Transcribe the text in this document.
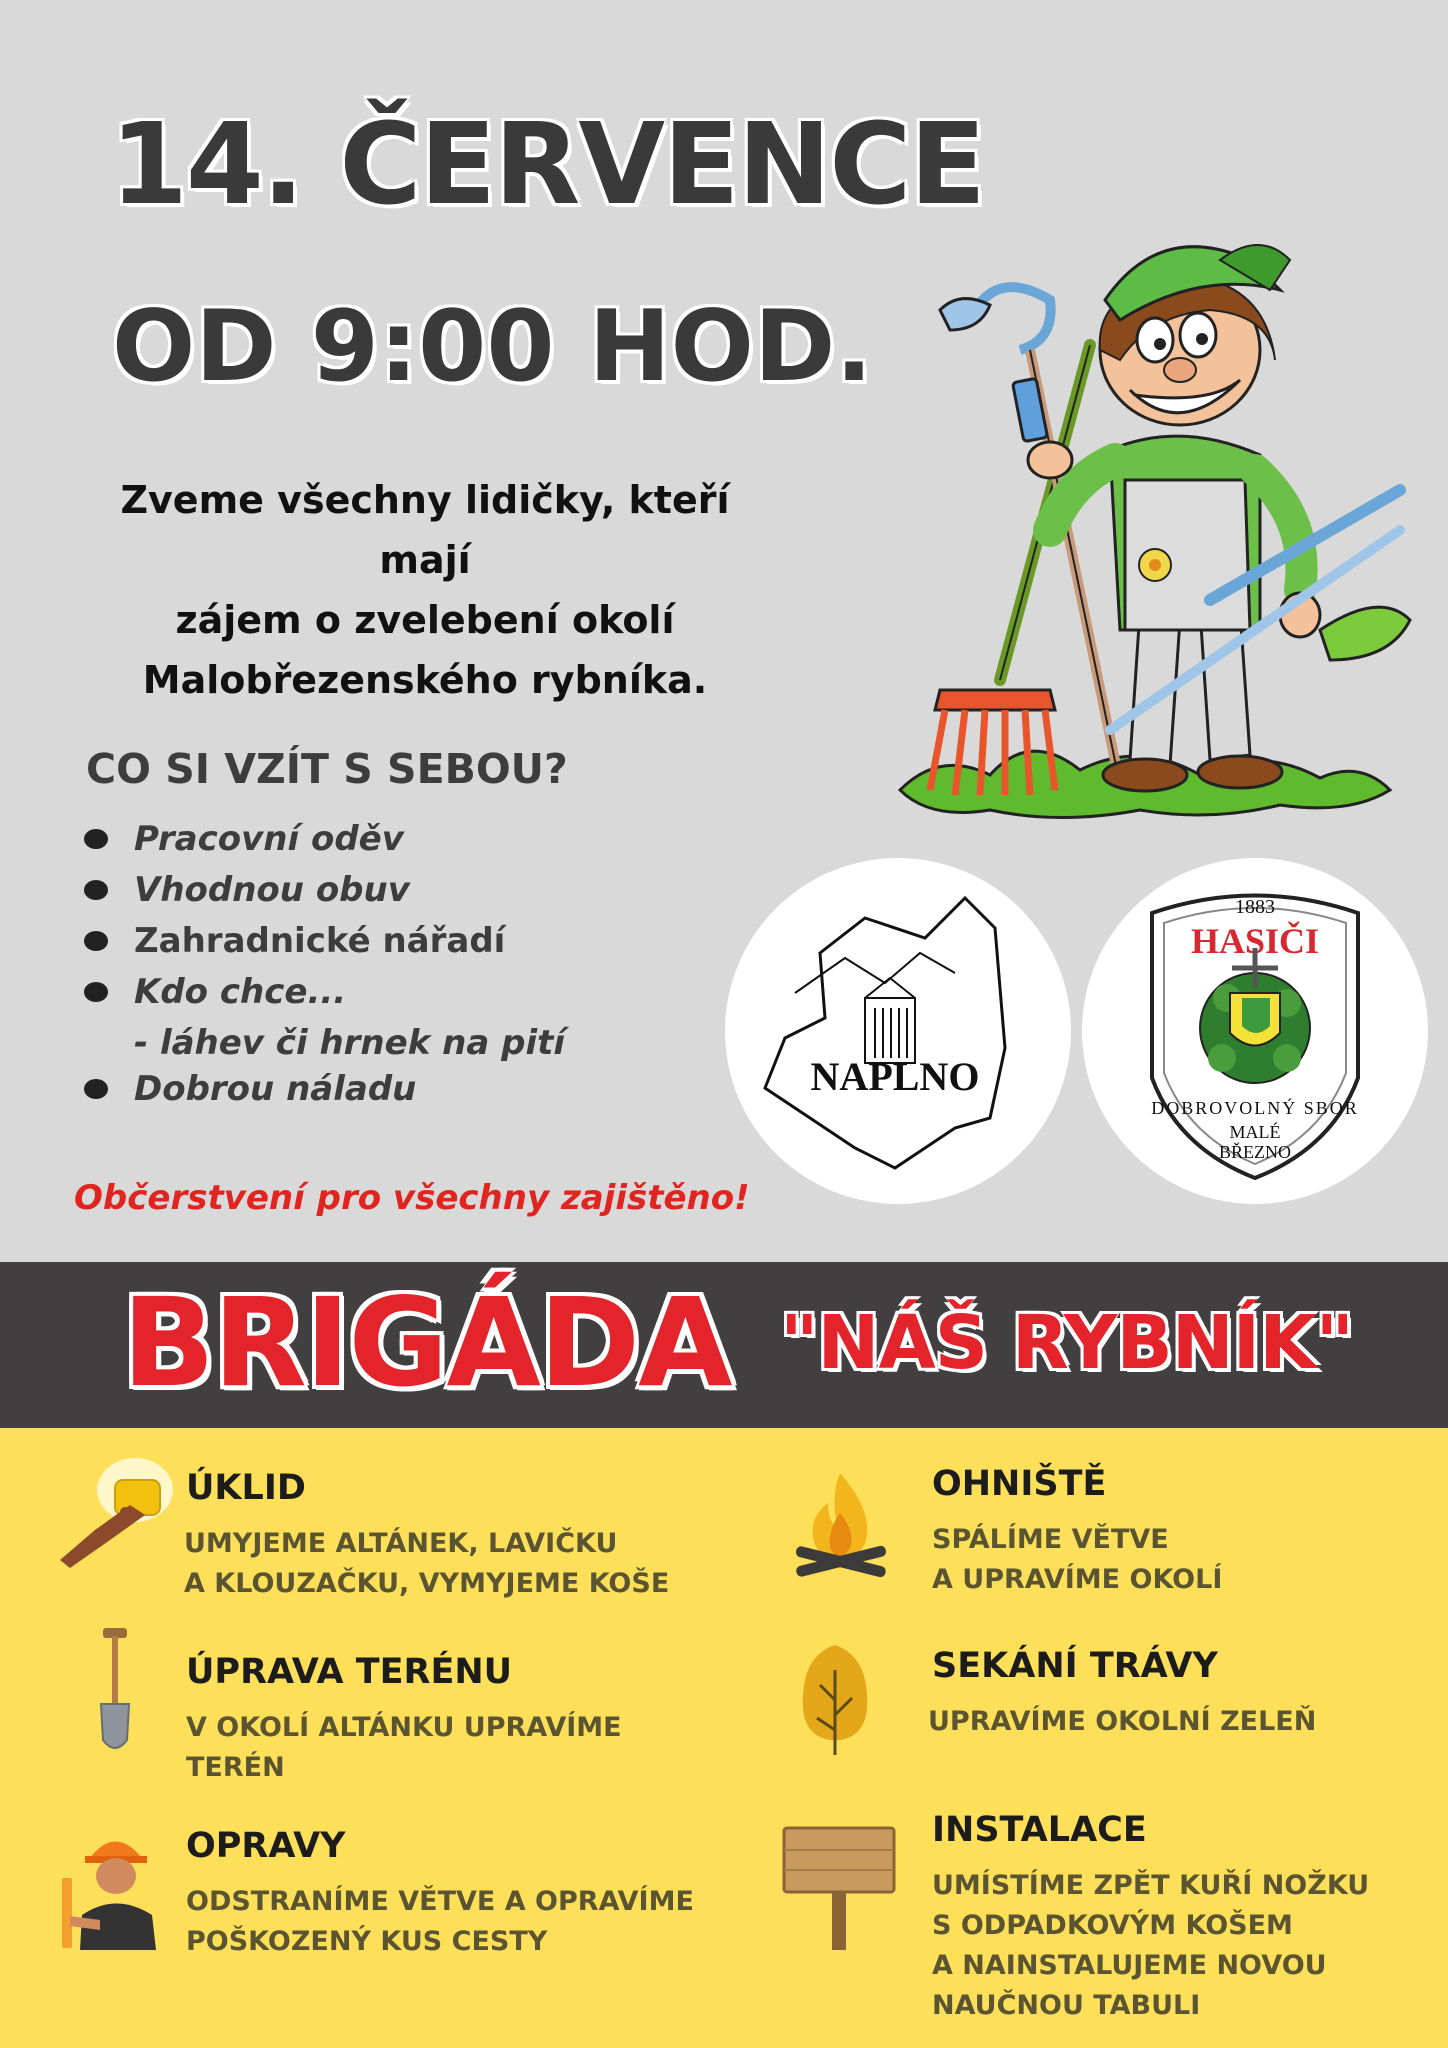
14. ČERVENCE
OD 9:00 HOD.
Zveme všechny lidičky, kteří mají
zájem o zvelebení okolí
Malobřezenského rybníka.
CO SI VZÍT S SEBOU?
Pracovní oděv
Vhodnou obuv
Zahradnické nářadí
Kdo chce...
- láhev či hrnek na pití
Dobrou náladu
Občerstvení pro všechny zajištěno!
NAPLNO
1883
HASIČI
DOBROVOLNÝ SBOR
MALÉ
BŘEZNO
BRIGÁDA "NÁŠ RYBNÍK"
ÚKLID
UMYJEME ALTÁNEK, LAVIČKU
A KLOUZAČKU, VYMYJEME KOŠE
ÚPRAVA TERÉNU
V OKOLÍ ALTÁNKU UPRAVÍME
TERÉN
OPRAVY
ODSTRANÍME VĚTVE A OPRAVÍME
POŠKOZENÝ KUS CESTY
OHNIŠTĚ
SPÁLÍME VĚTVE
A UPRAVÍME OKOLÍ
SEKÁNÍ TRÁVY
UPRAVÍME OKOLNÍ ZELEŇ
INSTALACE
UMÍSTÍME ZPĚT KUŘÍ NOŽKU
S ODPADKOVÝM KOŠEM
A NAINSTALUJEME NOVOU
NAUČNOU TABULI
